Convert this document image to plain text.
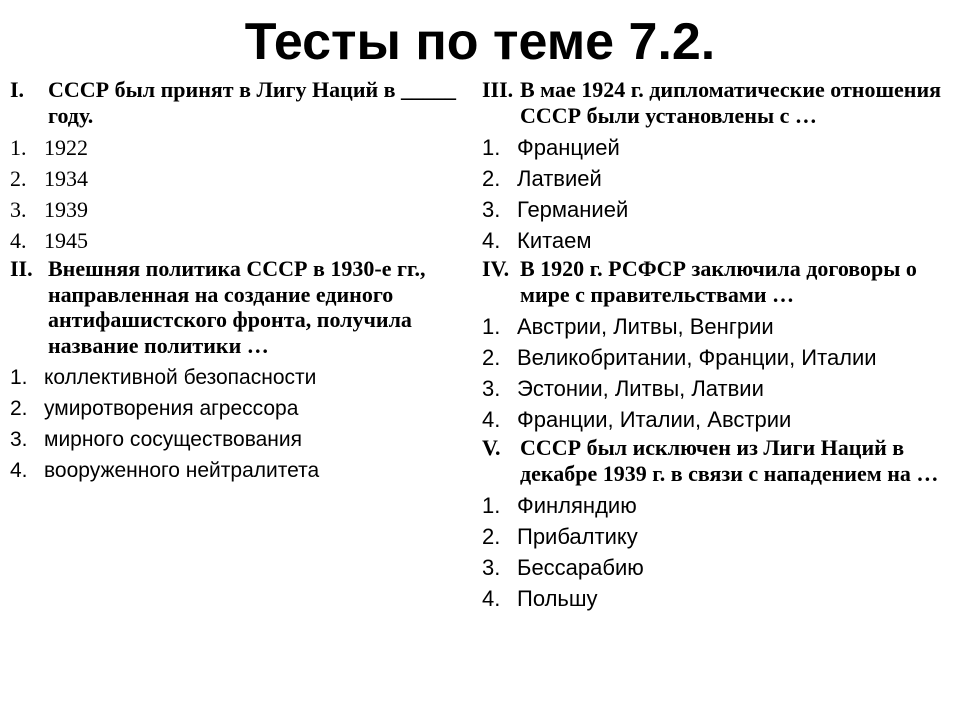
Тесты по теме 7.2.
I.	СССР был принят в Лигу Наций в _____ году.
1. 1922
2. 1934
3. 1939
4. 1945
II. Внешняя политика СССР в 1930-е гг., направленная на создание единого антифашистского фронта, получила название политики …
1. коллективной безопасности
2. умиротворения агрессора
3. мирного сосуществования
4. вооруженного нейтралитета
III. В мае 1924 г. дипломатические отношения СССР были установлены с …
1. Францией
2. Латвией
3. Германией
4. Китаем
IV. В 1920 г. РСФСР заключила договоры о мире с правительствами …
1. Австрии, Литвы, Венгрии
2. Великобритании, Франции, Италии
3. Эстонии, Литвы, Латвии
4. Франции, Италии, Австрии
V. СССР был исключен из Лиги Наций в декабре 1939 г. в связи с нападением на …
1. Финляндию
2. Прибалтику
3. Бессарабию
4. Польшу
